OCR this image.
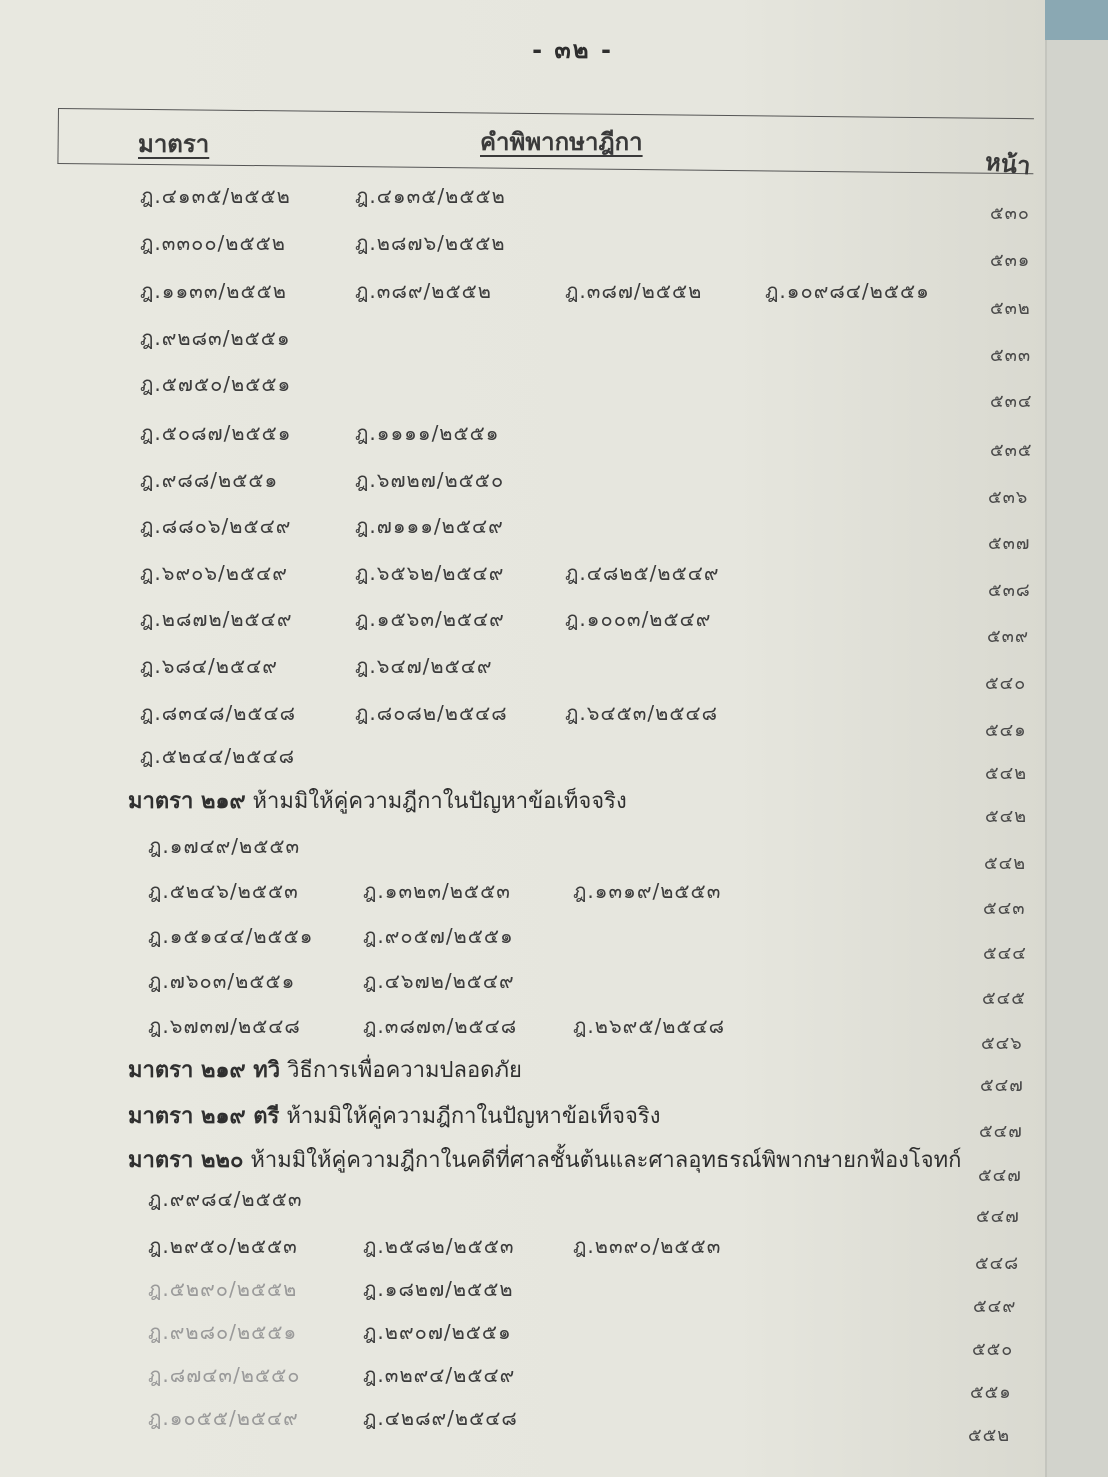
- ๓๒ -
มาตรา	คำพิพากษาฎีกา
หน้า
ฎ.๔๑๓๕/๒๕๕๒	ฎ.๔๑๓๕/๒๕๕๒
๕๓๐
ฎ.๓๓๐๐/๒๕๕๒	ฎ.๒๘๗๖/๒๕๕๒
๕๓๑
ฎ.๑๑๓๓/๒๕๕๒	ฎ.๓๘๙/๒๕๕๒	ฎ.๓๘๗/๒๕๕๒	ฎ.๑๐๙๘๔/๒๕๕๑
๕๓๒
ฎ.๙๒๘๓/๒๕๕๑
๕๓๓
ฎ.๕๗๕๐/๒๕๕๑
๕๓๔
ฎ.๕๐๘๗/๒๕๕๑	ฎ.๑๑๑๑/๒๕๕๑
๕๓๕
ฎ.๙๘๘/๒๕๕๑	ฎ.๖๗๒๗/๒๕๕๐
๕๓๖
ฎ.๘๘๐๖/๒๕๔๙	ฎ.๗๑๑๑/๒๕๔๙
๕๓๗
ฎ.๖๙๐๖/๒๕๔๙	ฎ.๖๕๖๒/๒๕๔๙	ฎ.๔๘๒๕/๒๕๔๙
๕๓๘
ฎ.๒๘๗๒/๒๕๔๙	ฎ.๑๕๖๓/๒๕๔๙	ฎ.๑๐๐๓/๒๕๔๙
๕๓๙
ฎ.๖๘๔/๒๕๔๙	ฎ.๖๔๗/๒๕๔๙
๕๔๐
ฎ.๘๓๔๘/๒๕๔๘	ฎ.๘๐๘๒/๒๕๔๘	ฎ.๖๔๕๓/๒๕๔๘
๕๔๑
ฎ.๕๒๔๔/๒๕๔๘
๕๔๒
มาตรา ๒๑๙ ห้ามมิให้คู่ความฎีกาในปัญหาข้อเท็จจริง
๕๔๒
ฎ.๑๗๔๙/๒๕๕๓
๕๔๒
ฎ.๕๒๔๖/๒๕๕๓	ฎ.๑๓๒๓/๒๕๕๓	ฎ.๑๓๑๙/๒๕๕๓
๕๔๓
ฎ.๑๕๑๔๔/๒๕๕๑ ฎ.๙๐๕๗/๒๕๕๑
๕๔๔
ฎ.๗๖๐๓/๒๕๕๑	ฎ.๔๖๗๒/๒๕๔๙
๕๔๕
ฎ.๖๗๓๗/๒๕๔๘	ฎ.๓๘๗๓/๒๕๔๘	ฎ.๒๖๙๕/๒๕๔๘
๕๔๖
มาตรา ๒๑๙ ทวิ วิธีการเพื่อความปลอดภัย
๕๔๗
มาตรา ๒๑๙ ตรี ห้ามมิให้คู่ความฎีกาในปัญหาข้อเท็จจริง
๕๔๗
มาตรา ๒๒๐ ห้ามมิให้คู่ความฎีกาในคดีที่ศาลชั้นต้นและศาลอุทธรณ์พิพากษายกฟ้องโจทก์
๕๔๗
ฎ.๙๙๘๔/๒๕๕๓
๕๔๗
ฎ.๒๙๕๐/๒๕๕๓	ฎ.๒๕๘๒/๒๕๕๓	ฎ.๒๓๙๐/๒๕๕๓
๕๔๘
ฎ.๕๒๙๐/๒๕๕๒	ฎ.๑๘๒๗/๒๕๕๒
๕๔๙
ฎ.๙๒๘๐/๒๕๕๑	ฎ.๒๙๐๗/๒๕๕๑
๕๕๐
ฎ.๘๗๔๓/๒๕๕๐	ฎ.๓๒๙๔/๒๕๔๙
๕๕๑
ฎ.๑๐๕๕/๒๕๔๙	ฎ.๔๒๘๙/๒๕๔๘
๕๕๒
